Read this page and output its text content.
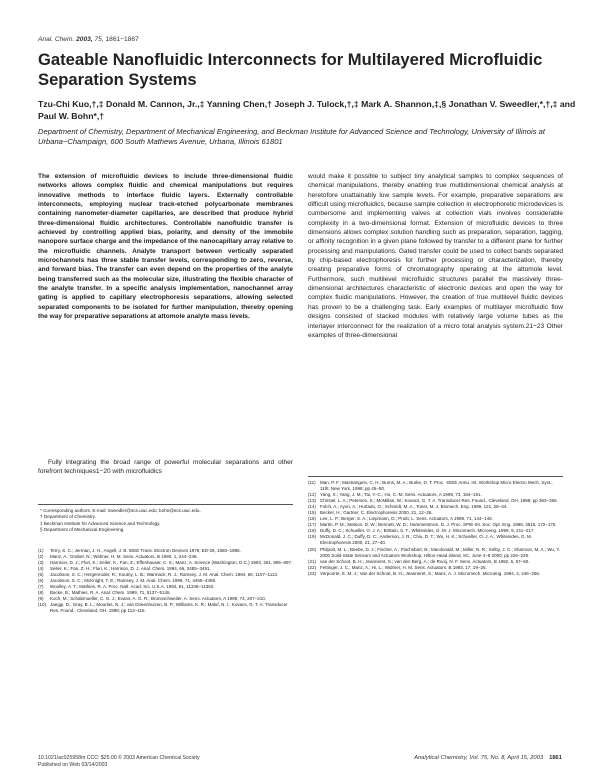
Anal. Chem. 2003, 75, 1861−1867
Gateable Nanofluidic Interconnects for Multilayered Microfluidic Separation Systems
Tzu-Chi Kuo,†,‡ Donald M. Cannon, Jr.,‡ Yanning Chen,† Joseph J. Tulock,†,‡ Mark A. Shannon,‡,§ Jonathan V. Sweedler,*,†,‡ and Paul W. Bohn*,†
Department of Chemistry, Department of Mechanical Engineering, and Beckman Institute for Advanced Science and Technology, University of Illinois at Urbana−Champaign, 600 South Mathews Avenue, Urbana, Illinois 61801
The extension of microfluidic devices to include three-dimensional fluidic networks allows complex fluidic and chemical manipulations but requires innovative methods to interface fluidic layers. Externally controllable interconnects, employing nuclear track-etched polycarbonate membranes containing nanometer-diameter capillaries, are described that produce hybrid three-dimensional fluidic architectures. Controllable nanofluidic transfer is achieved by controlling applied bias, polarity, and density of the immobile nanopore surface charge and the impedance of the nanocapillary array relative to the microfluidic channels. Analyte transport between vertically separated microchannels has three stable transfer levels, corresponding to zero, reverse, and forward bias. The transfer can even depend on the properties of the analyte being transferred such as the molecular size, illustrating the flexible character of the analyte transfer. In a specific analysis implementation, nanochannel array gating is applied to capillary electrophoresis separations, allowing selected separated components to be isolated for further manipulation, thereby opening the way for preparative separations at attomole analyte mass levels.
Fully integrating the broad range of powerful molecular separations and other forefront techniques1−20 with microfluidics
* Corresponding authors. E-mail: sweedler@scs.uiuc.edu; bohn@scs.uiuc.edu.
† Department of Chemistry.
‡ Beckman Institute for Advanced Science and Technology.
§ Department of Mechanical Engineering.
(1) Terry, S. C.; Jerman, J. H.; Angell, J. B. IEEE Trans. Electron Devices 1979, ED-26, 1880−1886.
(2) Manz, A.; Graber, N.; Widmer, H. M. Sens. Actuators, B 1990, 1, 244−248.
(3) Harrison, D. J.; Fluri, K.; Seiler, K.; Fan, Z.; Effenhauser, C. S.; Manz, A. Science (Washington, D.C.) 1993, 261, 895−897.
(4) Seiler, K.; Fan, Z. H.; Fluri, K.; Harrison, D. J. Anal. Chem. 1994, 66, 3485−3491.
(5) Jacobson, S. C.; Hergenroder, R.; Koutny, L. B.; Warmack, R. J.; Ramsey, J. M. Anal. Chem. 1994, 66, 1107−1113.
(6) Jacobson, S. C.; McKnight, T. E.; Ramsey, J. M. Anal. Chem. 1999, 71, 4455−4459.
(7) Woolley, A. T.; Mathies, R. A. Proc. Natl. Acad. Sci. U.S.A. 1994, 91, 11348−11352.
(8) Backe, B.; Mathies, R. A. Anal. Chem. 1999, 71, 5137−5145.
(9) Koch, M.; Schabmueller, C. G. J.; Evans, A. G. R.; Brunnschweiler, A. Sens. Actuators, A 1999, 74, 207−210.
(10) Jaeggi, D.; Gray, B. L.; Mourlas, N. J.; van Drieenhuizen, B. P.; Williams, K. R.; Maluf, N. I.; Kovacs, G. T. A. Transducer Res. Found., Cleveland, OH, 1998; pp 112−115.
would make it possible to subject tiny analytical samples to complex sequences of chemical manipulations, thereby enabling true multidimensional chemical analysis at heretofore unattainably low sample levels. For example, preparative separations are difficult using microfluidics, because sample collection in electrophoretic microdevices is cumbersome and implementing valves at collection vials involves considerable complexity in a two-dimensional format. Extension of microfluidic devices to three dimensions allows complex solution handling such as preparation, separation, tagging, or affinity recognition in a given plane followed by transfer to a different plane for further processing and manipulations. Gated transfer could be used to collect bands separated by chip-based electrophoresis for further processing or characterization, thereby creating preparative forms of chromatography operating at the attomole level. Furthermore, such multilevel microfluidic structures parallel the massively three-dimensional architectures characteristic of electronic devices and open the way for complex fluidic manipulations. However, the creation of true multilevel fluidic devices has proven to be a challenging task. Early examples of multilayer microfluidic flow designs consisted of stacked modules with relatively large volume tubes as the interlayer interconnect for the realization of a micro total analysis system.21−23 Other examples of three-dimensional
(11) Man, P. F.; Mastrangelo, C. H.; Burns, M. A.; Burke, D. T. Proc. -IEEE Annu. Int. Workshop Micro Electro Mech. Syst., 11th; New York, 1998; pp 45−50.
(12) Yang, X.; Yang, J. M.; Tai, Y.-C.; Ho, C.-M. Sens. Actuators, A 1999, 73, 184−191.
(13) Christel, L. A.; Petersen, K.; McMillan, W.; Kovacs, G. T. A. Transducer Res. Found., Cleveland, OH, 1998; pp 363−366.
(14) Folch, A.; Ayon, A.; Hurtado, O.; Schmidt, M. A.; Toner, M. J. Biomech. Eng. 1999, 121, 28−34.
(15) Becker, H.; Gartner, C. Electrophoresis 2000, 21, 12−26.
(16) Lee, L. P.; Berger, S. A.; Liepmann, D.; Pruitt, L. Sens. Actuators, A 1998, 71, 144−149.
(17) Martin, P. M.; Matson, D. W.; Bennett, W. D.; Hammerstrom, D. J. Proc. SPIE-Int. Soc. Opt. Eng. 1998, 3515, 172−176.
(18) Duffy, D. C.; Schueller, O. J. A.; Brittain, S. T.; Whitesides, G. M. J. Micromech. Microeng. 1999, 9, 211−217.
(19) McDonald, J. C.; Duffy, D. C.; Anderson, J. R.; Chiu, D. T.; Wu, H. K.; Schueller, O. J. A.; Whitesides, G. M. Electrophoresis 2000, 21, 27−40.
(20) Philpott, M. L.; Beebe, D. J.; Fischer, A.; Flachsbart, B.; Macdonald, M.; Miller, N. R.; Selby, J. C.; Shannon, M. A.; Wu, Y. 2000 Solid-State Sensors and Actuators Workshop; Hilton Head Island, SC, June 4−8 2000; pp 226−229.
(21) van der Schoot, B. H.; Jeanneret, S.; van den Berg, A.; de Rooij, N. F. Sens. Actuators, B 1992, 6, 57−60.
(22) Fettinger, J. C.; Manz, A.; Hi, L.; Widmer, H. M. Sens. Actuators, B 1993, 17, 19−25.
(23) Verpoorte, E. M. J.; Van der Schoot, B. H.; Jeanneret, S.; Manz, A. J. Micromech. Microeng. 1994, 4, 246−256.
10.1021/ac025958m CCC: $25.00 © 2003 American Chemical Society
Published on Web 03/14/2003
Analytical Chemistry, Vol. 75, No. 8, April 15, 2003 1861
